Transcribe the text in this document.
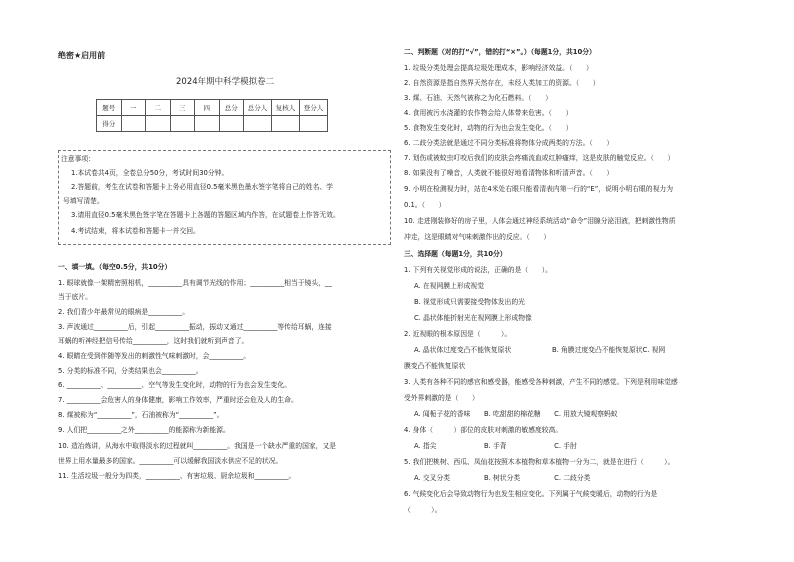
绝密★启用前
2024年期中科学模拟卷二
题号	一	二	三	四	总分	总分人	复核人	登分人
得分								
注意事项：
1.本试卷共4页，全卷总分50分，考试时间30分钟。
2.答题前，考生在试卷和答题卡上务必用直径0.5毫米黑色墨水签字笔将自己的姓名、学
号填写清楚。
3.请用直径0.5毫米黑色签字笔在答题卡上各题的答题区域内作答，在试题卷上作答无效。
4.考试结束，将本试卷和答题卡一并交回。
一、填一填。（每空0.5分，共10分）
1. 眼球就像一架精密照相机，__________具有调节光线的作用；__________相当于镜头，__
当于底片。
2. 我们青少年最常见的眼病是__________。
3. 声波通过__________后，引起__________振动，振动又通过__________等传给耳蜗，连接
耳蜗的听神经把信号传给__________，这时我们就听到声音了。
4. 眼睛在受到伴随等发出的刺激性气味刺激时，会__________。
5. 分类的标准不同，分类结果也会__________。
6. __________、__________、空气等发生变化时，动物的行为也会发生变化。
7. __________会危害人的身体健康，影响工作效率，严重时还会危及人的生命。
8. 煤被称为“__________”，石油被称为“__________”。
9. 人们把__________之外__________的能源称为新能源。
10. 造冶炼讲，从海水中取得淡水的过程就叫__________。我国是一个缺水严重的国家，又是
世界上用水量最多的国家。__________可以缓解我国淡水供应不足的状况。
11. 生活垃圾一般分为四类，__________、有害垃圾、厨余垃圾和__________。
二、判断题（对的打“√”，错的打“×”。）（每题1分，共10分）
1. 垃圾分类处理会提高垃圾处理成本，影响经济效益。（　　）
2. 自然资源是指自然界天然存在，未经人类加工的资源。（　　）
3. 煤、石油、天然气被称之为化石燃料。（　　）
4. 食用被污水浇灌的农作物会给人体带来危害。（　　）
5. 食物发生变化时，动物的行为也会发生变化。（　　）
6. 二歧分类法就是通过不同分类标准将物体分成两类的方法。（　　）
7. 划伤或被蚊虫叮咬后我们的皮肤会疼痛流血或红肿瘙痒，这是皮肤的触觉反应。（　　）
8. 如果没有了噪音，人类就不能很好地看清物体和听清声音。（　　）
9. 小明在检测视力时，站在4米处右眼只能看清表内第一行的“E”，说明小明右眼的视力为
0.1。（　　）
10. 走进刚装修好的房子里，人体会通过神经系统活动“命令”泪腺分泌泪液，把刺激性物质
冲走，这是眼睛对气味刺激作出的反应。（　　）
三、选择题（每题1分，共10分）
1. 下列有关视觉形成的说法，正确的是（　　）。
A. 在视网膜上形成视觉
B. 视觉形成只需要接受物体发出的光
C. 晶状体能折射光在视网膜上形成物像
2. 近视眼的根本原因是（　　　）。
A. 晶状体过度变凸不能恢复原状　　　　　　B. 角膜过度变凸不能恢复原状C. 视网
膜变凸不能恢复原状
3. 人类有各种不同的感官和感受器，能感受各种刺激，产生不同的感觉。下列是利用味觉感
受外界刺激的是（　　）
A. 闻栀子花的香味　　B. 吃甜甜的棉花糖　　C. 用放大镜观察蚂蚁
4. 身体（　　　）部位的皮肤对刺激的敏感度较高。
A. 指尖　　　　　　　B. 手背　　　　　　　C. 手肘
5. 我们把桃树、西瓜、凤仙花按照木本植物和草本植物一分为二，就是在进行（　　　）。
A. 交叉分类　　　　　B. 树状分类　　　　　C. 二歧分类
6. 气候变化后会导致动物行为也发生相应变化。下列属于气候变暖后，动物的行为是
（　　　）。
